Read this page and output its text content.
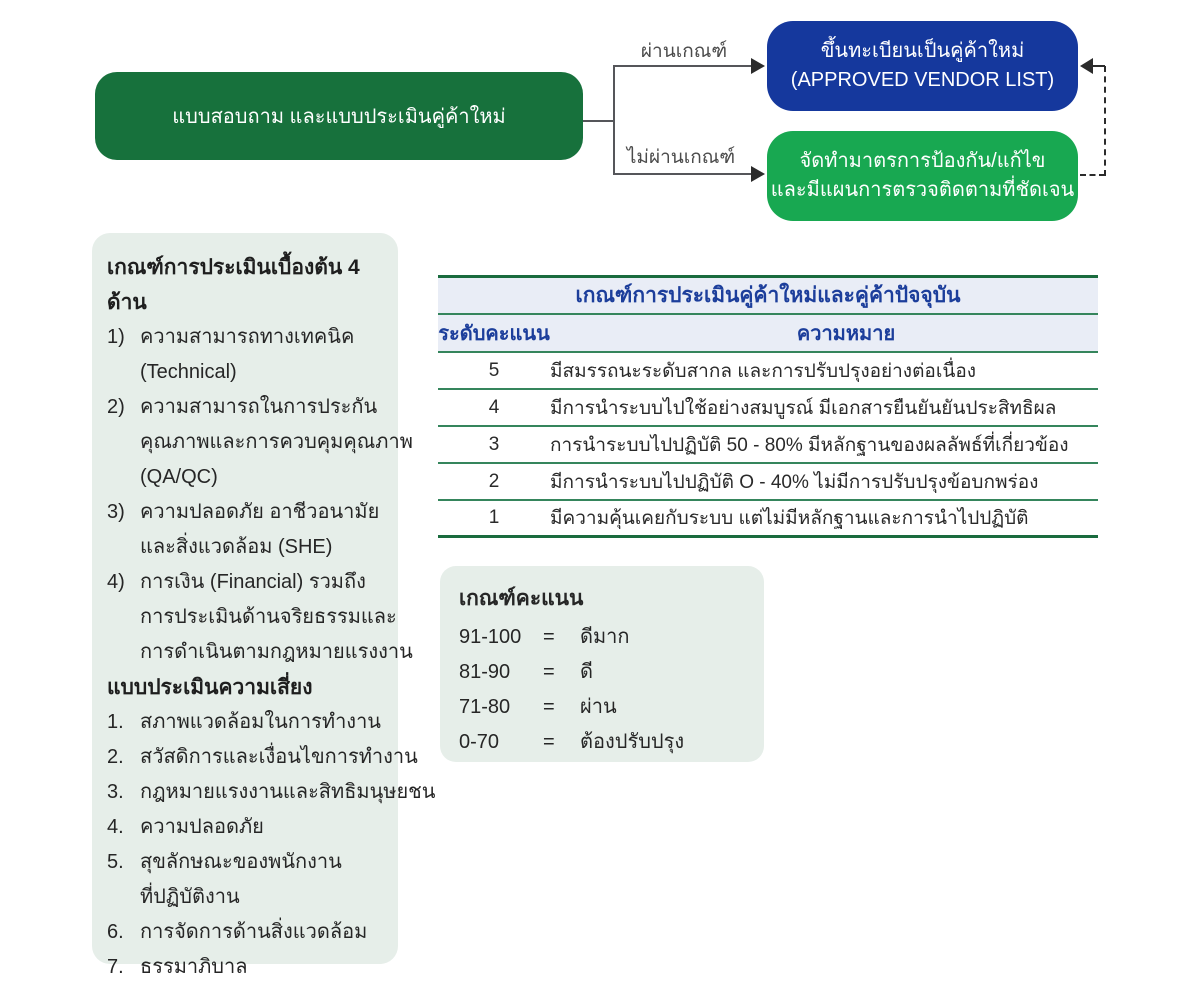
แบบสอบถาม และแบบประเมินคู่ค้าใหม่
ผ่านเกณฑ์
ไม่ผ่านเกณฑ์
ขึ้นทะเบียนเป็นคู่ค้าใหม่
(APPROVED VENDOR LIST)
จัดทำมาตรการป้องกัน/แก้ไข
และมีแผนการตรวจติดตามที่ชัดเจน
เกณฑ์การประเมินเบื้องต้น 4 ด้าน
1) ความสามารถทางเทคนิค
(Technical)
2) ความสามารถในการประกัน
คุณภาพและการควบคุมคุณภาพ
(QA/QC)
3) ความปลอดภัย อาชีวอนามัย
และสิ่งแวดล้อม (SHE)
4) การเงิน (Financial) รวมถึง
การประเมินด้านจริยธรรมและ
การดำเนินตามกฎหมายแรงงาน
แบบประเมินความเสี่ยง
1. สภาพแวดล้อมในการทำงาน
2. สวัสดิการและเงื่อนไขการทำงาน
3. กฎหมายแรงงานและสิทธิมนุษยชน
4. ความปลอดภัย
5. สุขลักษณะของพนักงาน
ที่ปฏิบัติงาน
6. การจัดการด้านสิ่งแวดล้อม
7. ธรรมาภิบาล
เกณฑ์การประเมินคู่ค้าใหม่และคู่ค้าปัจจุบัน
ระดับคะแนน	ความหมาย
5	มีสมรรถนะระดับสากล และการปรับปรุงอย่างต่อเนื่อง
4	มีการนำระบบไปใช้อย่างสมบูรณ์ มีเอกสารยืนยันยันประสิทธิผล
3	การนำระบบไปปฏิบัติ 50 - 80% มีหลักฐานของผลลัพธ์ที่เกี่ยวข้อง
2	มีการนำระบบไปปฏิบัติ O - 40% ไม่มีการปรับปรุงข้อบกพร่อง
1	มีความคุ้นเคยกับระบบ แต่ไม่มีหลักฐานและการนำไปปฏิบัติ
เกณฑ์คะแนน
91-100	=	ดีมาก
81-90	=	ดี
71-80	=	ผ่าน
0-70	=	ต้องปรับปรุง
